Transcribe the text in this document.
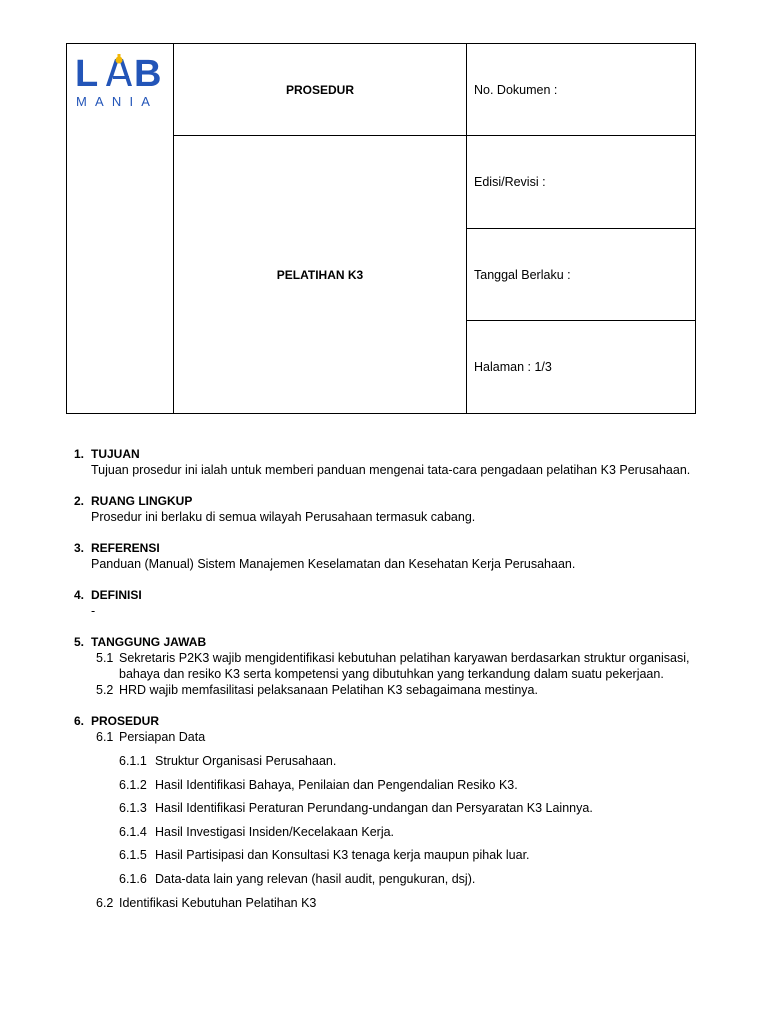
L B
MANIA	PROSEDUR	No. Dokumen :
	PELATIHAN K3	Edisi/Revisi :
		Tanggal Berlaku :
		Halaman : 1/3
1. TUJUAN
Tujuan prosedur ini ialah untuk memberi panduan mengenai tata-cara pengadaan pelatihan K3 Perusahaan.
2. RUANG LINGKUP
Prosedur ini berlaku di semua wilayah Perusahaan termasuk cabang.
3. REFERENSI
Panduan (Manual) Sistem Manajemen Keselamatan dan Kesehatan Kerja Perusahaan.
4. DEFINISI
-
5. TANGGUNG JAWAB
5.1 Sekretaris P2K3 wajib mengidentifikasi kebutuhan pelatihan karyawan berdasarkan struktur organisasi, bahaya dan resiko K3 serta kompetensi yang dibutuhkan yang terkandung dalam suatu pekerjaan.
5.2 HRD wajib memfasilitasi pelaksanaan Pelatihan K3 sebagaimana mestinya.
6. PROSEDUR
6.1 Persiapan Data
6.1.1 Struktur Organisasi Perusahaan.
6.1.2 Hasil Identifikasi Bahaya, Penilaian dan Pengendalian Resiko K3.
6.1.3 Hasil Identifikasi Peraturan Perundang-undangan dan Persyaratan K3 Lainnya.
6.1.4 Hasil Investigasi Insiden/Kecelakaan Kerja.
6.1.5 Hasil Partisipasi dan Konsultasi K3 tenaga kerja maupun pihak luar.
6.1.6 Data-data lain yang relevan (hasil audit, pengukuran, dsj).
6.2 Identifikasi Kebutuhan Pelatihan K3
